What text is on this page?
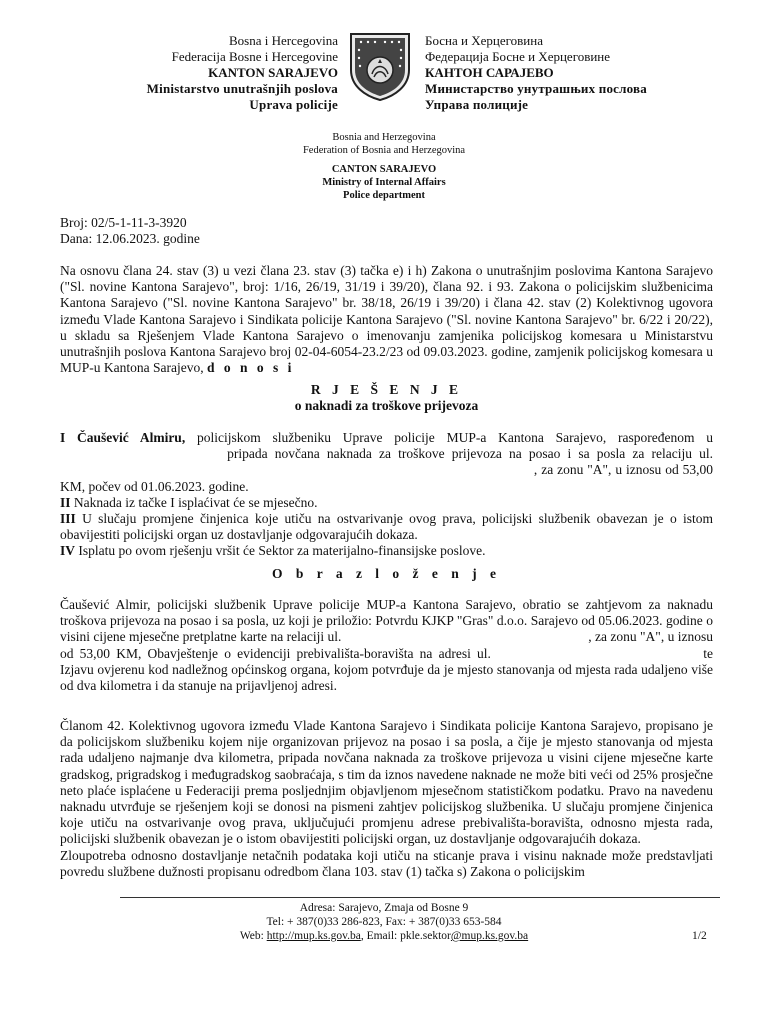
Bosna i Hercegovina
Federacija Bosne i Hercegovine
KANTON SARAJEVO
Ministarstvo unutrašnjih poslova
Uprava policije
Босна и Херцеговина
Федерација Босне и Херцеговине
КАНТОН САРАЈЕВО
Министарство унутрашњих послова
Управа полиције
Bosnia and Herzegovina
Federation of Bosnia and Herzegovina
CANTON SARAJEVO
Ministry of Internal Affairs
Police department
Broj: 02/5-1-11-3-3920
Dana: 12.06.2023. godine
Na osnovu člana 24. stav (3) u vezi člana 23. stav (3) tačka e) i h) Zakona o unutrašnjim poslovima Kantona Sarajevo ("Sl. novine Kantona Sarajevo", broj: 1/16, 26/19, 31/19 i 39/20), člana 92. i 93. Zakona o policijskim službenicima Kantona Sarajevo ("Sl. novine Kantona Sarajevo" br. 38/18, 26/19 i 39/20) i člana 42. stav (2) Kolektivnog ugovora između Vlade Kantona Sarajevo i Sindikata policije Kantona Sarajevo ("Sl. novine Kantona Sarajevo" br. 6/22 i 20/22), u skladu sa Rješenjem Vlade Kantona Sarajevo o imenovanju zamjenika policijskog komesara u Ministarstvu unutrašnjih poslova Kantona Sarajevo broj 02-04-6054-23.2/23 od 09.03.2023. godine, zamjenik policijskog komesara u MUP-u Kantona Sarajevo, d o n o s i
R J E Š E N J E
o naknadi za troškove prijevoza

I Čaušević Almiru, policijskom službeniku Uprave policije MUP-a Kantona Sarajevo, raspoređenom u  pripada novčana naknada za troškove prijevoza na posao i sa posla za relaciju ul.  , za zonu "A", u iznosu od 53,00 KM, počev od 01.06.2023. godine.

II Naknada iz tačke I isplaćivat će se mjesečno.

III U slučaju promjene činjenica koje utiču na ostvarivanje ovog prava, policijski službenik obavezan je o istom obavijestiti policijski organ uz dostavljanje odgovarajućih dokaza.

IV Isplatu po ovom rješenju vršit će Sektor za materijalno-finansijske poslove.

O b r a z l o ž e n j e
Čaušević Almir, policijski službenik Uprave policije MUP-a Kantona Sarajevo, obratio se zahtjevom za naknadu troškova prijevoza na posao i sa posla, uz koji je priložio: Potvrdu KJKP "Gras" d.o.o. Sarajevo od 05.06.2023. godine o visini cijene mjesečne pretplatne karte na relaciji ul.	, za zonu "A", u iznosu od 53,00 KM, Obavještenje o evidenciji prebivališta-boravišta na adresi ul.	te Izjavu ovjerenu kod nadležnog općinskog organa, kojom potvrđuje da je mjesto stanovanja od mjesta rada udaljeno više od dva kilometra i da stanuje na prijavljenoj adresi.
Članom 42. Kolektivnog ugovora između Vlade Kantona Sarajevo i Sindikata policije Kantona Sarajevo, propisano je da policijskom službeniku kojem nije organizovan prijevoz na posao i sa posla, a čije je mjesto stanovanja od mjesta rada udaljeno najmanje dva kilometra, pripada novčana naknada za troškove prijevoza u visini cijene mjesečne karte gradskog, prigradskog i međugradskog saobraćaja, s tim da iznos navedene naknade ne može biti veći od 25% prosječne neto plaće isplaćene u Federaciji prema posljednjim objavljenom mjesečnom statističkom podatku. Pravo na navedenu naknadu utvrđuje se rješenjem koji se donosi na pismeni zahtjev policijskog službenika. U slučaju promjene činjenica koje utiču na ostvarivanje ovog prava, uključujući promjenu adrese prebivališta-boravišta, odnosno mjesta rada, policijski službenik obavezan je o istom obavijestiti policijski organ, uz dostavljanje odgovarajućih dokaza.
Zloupotreba odnosno dostavljanje netačnih podataka koji utiču na sticanje prava i visinu naknade može predstavljati povredu službene dužnosti propisanu odredbom člana 103. stav (1) tačka s) Zakona o policijskim
Adresa: Sarajevo, Zmaja od Bosne 9
Tel: + 387(0)33 286-823, Fax: + 387(0)33 653-584
Web: http://mup.ks.gov.ba, Email: pkle.sektor@mup.ks.gov.ba	1/2
